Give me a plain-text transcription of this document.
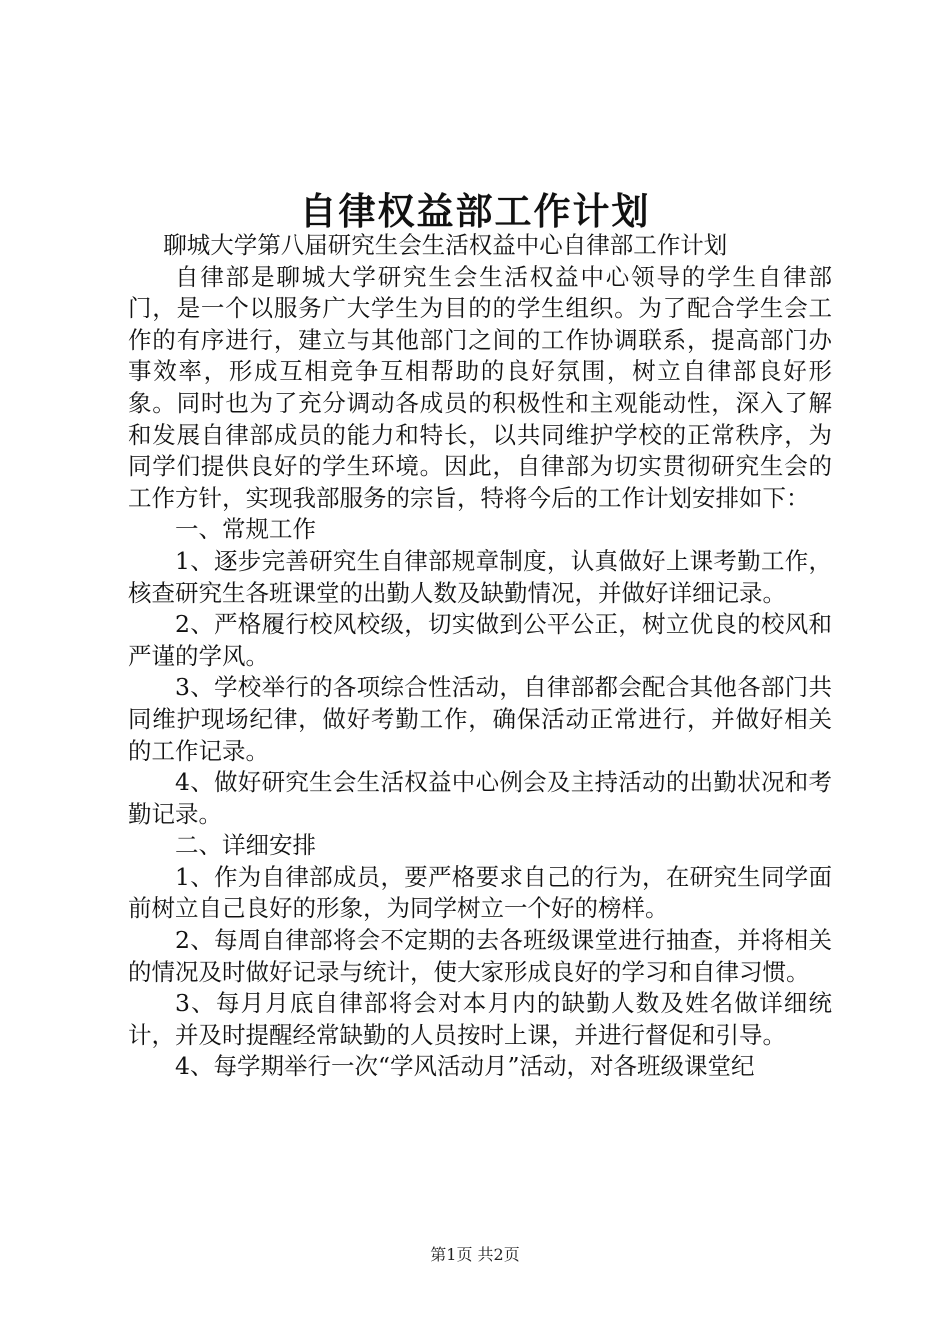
自律权益部工作计划

聊城大学第八届研究生会生活权益中心自律部工作计划

自律部是聊城大学研究生会生活权益中心领导的学生自律部门，是一个以服务广大学生为目的的学生组织。为了配合学生会工作的有序进行，建立与其他部门之间的工作协调联系，提高部门办事效率，形成互相竞争互相帮助的良好氛围，树立自律部良好形象。同时也为了充分调动各成员的积极性和主观能动性，深入了解和发展自律部成员的能力和特长，以共同维护学校的正常秩序，为同学们提供良好的学生环境。因此，自律部为切实贯彻研究生会的工作方针，实现我部服务的宗旨，特将今后的工作计划安排如下：

一、常规工作

1、逐步完善研究生自律部规章制度，认真做好上课考勤工作，核查研究生各班课堂的出勤人数及缺勤情况，并做好详细记录。

2、严格履行校风校级，切实做到公平公正，树立优良的校风和严谨的学风。

3、学校举行的各项综合性活动，自律部都会配合其他各部门共同维护现场纪律，做好考勤工作，确保活动正常进行，并做好相关的工作记录。

4、做好研究生会生活权益中心例会及主持活动的出勤状况和考勤记录。

二、详细安排

1、作为自律部成员，要严格要求自己的行为，在研究生同学面前树立自己良好的形象，为同学树立一个好的榜样。

2、每周自律部将会不定期的去各班级课堂进行抽查，并将相关的情况及时做好记录与统计，使大家形成良好的学习和自律习惯。

3、每月月底自律部将会对本月内的缺勤人数及姓名做详细统计，并及时提醒经常缺勤的人员按时上课，并进行督促和引导。

4、每学期举行一次“学风活动月”活动，对各班级课堂纪

第1页 共2页
